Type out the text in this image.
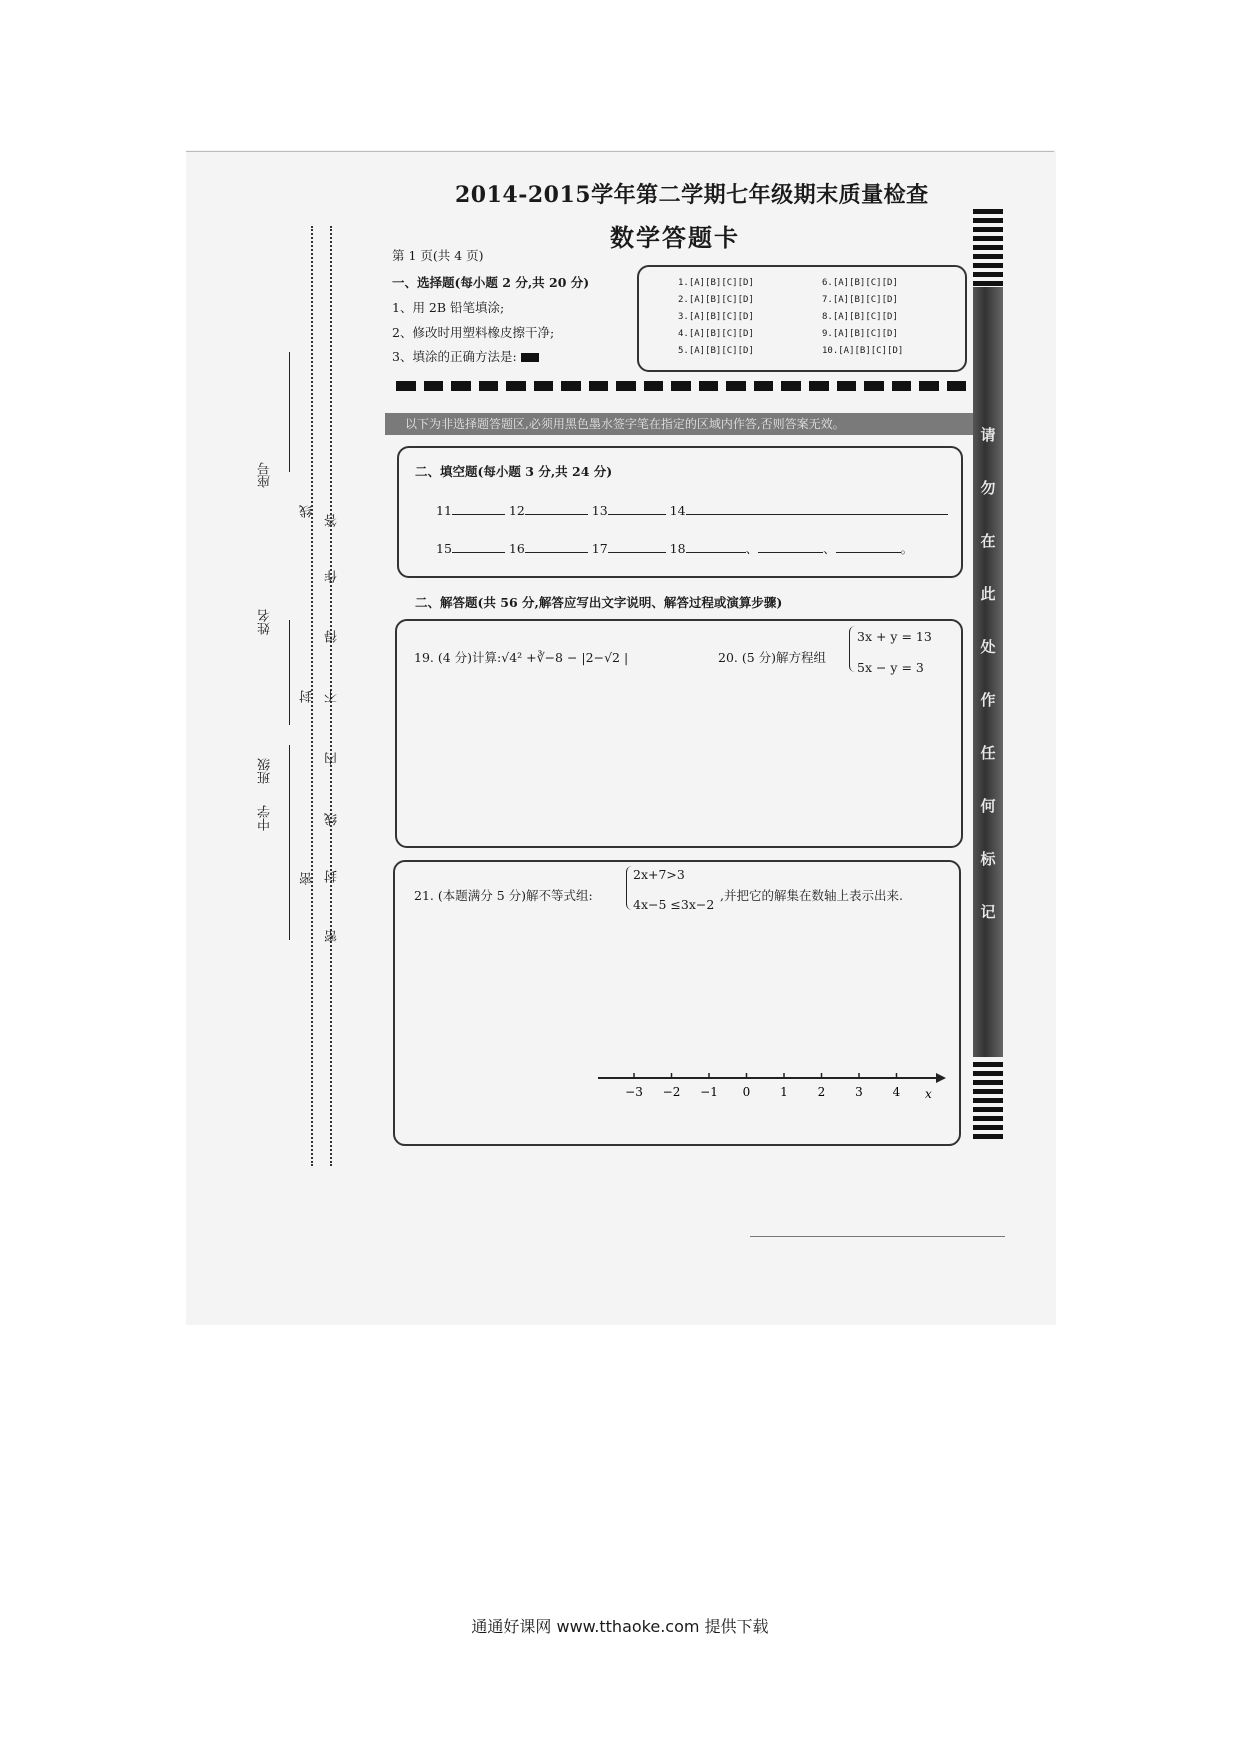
2014-2015学年第二学期七年级期末质量检查
数学答题卡
第 1 页(共 4 页)
一、选择题(每小题 2 分,共 20 分)
1、用 2B 铅笔填涂;
2、修改时用塑料橡皮擦干净;
3、填涂的正确方法是:
1.[A][B][C][D]
2.[A][B][C][D]
3.[A][B][C][D]
4.[A][B][C][D]
5.[A][B][C][D]
6.[A][B][C][D]
7.[A][B][C][D]
8.[A][B][C][D]
9.[A][B][C][D]
10.[A][B][C][D]
以下为非选择题答题区,必须用黑色墨水签字笔在指定的区域内作答,否则答案无效。
请
勿
在
此
处
作
任
何
标
记
座号
姓名
班级
中学
线
封
密
答
作
得
不
内
线
封
密
二、填空题(每小题 3 分,共 24 分)
11	12	13	14
15	16	17	18	、	、	。
二、解答题(共 56 分,解答应写出文字说明、解答过程或演算步骤)
19. (4 分)计算:√4² +∛−8 − |2−√2 |	20. (5 分)解方程组
3x + y = 13
5x − y = 3
21. (本题满分 5 分)解不等式组:
2x+7>3
4x−5 ≤3x−2
,并把它的解集在数轴上表示出来.
−3 −2 −1 0 1 2 3 4 x
通通好课网 www.tthaoke.com 提供下载
